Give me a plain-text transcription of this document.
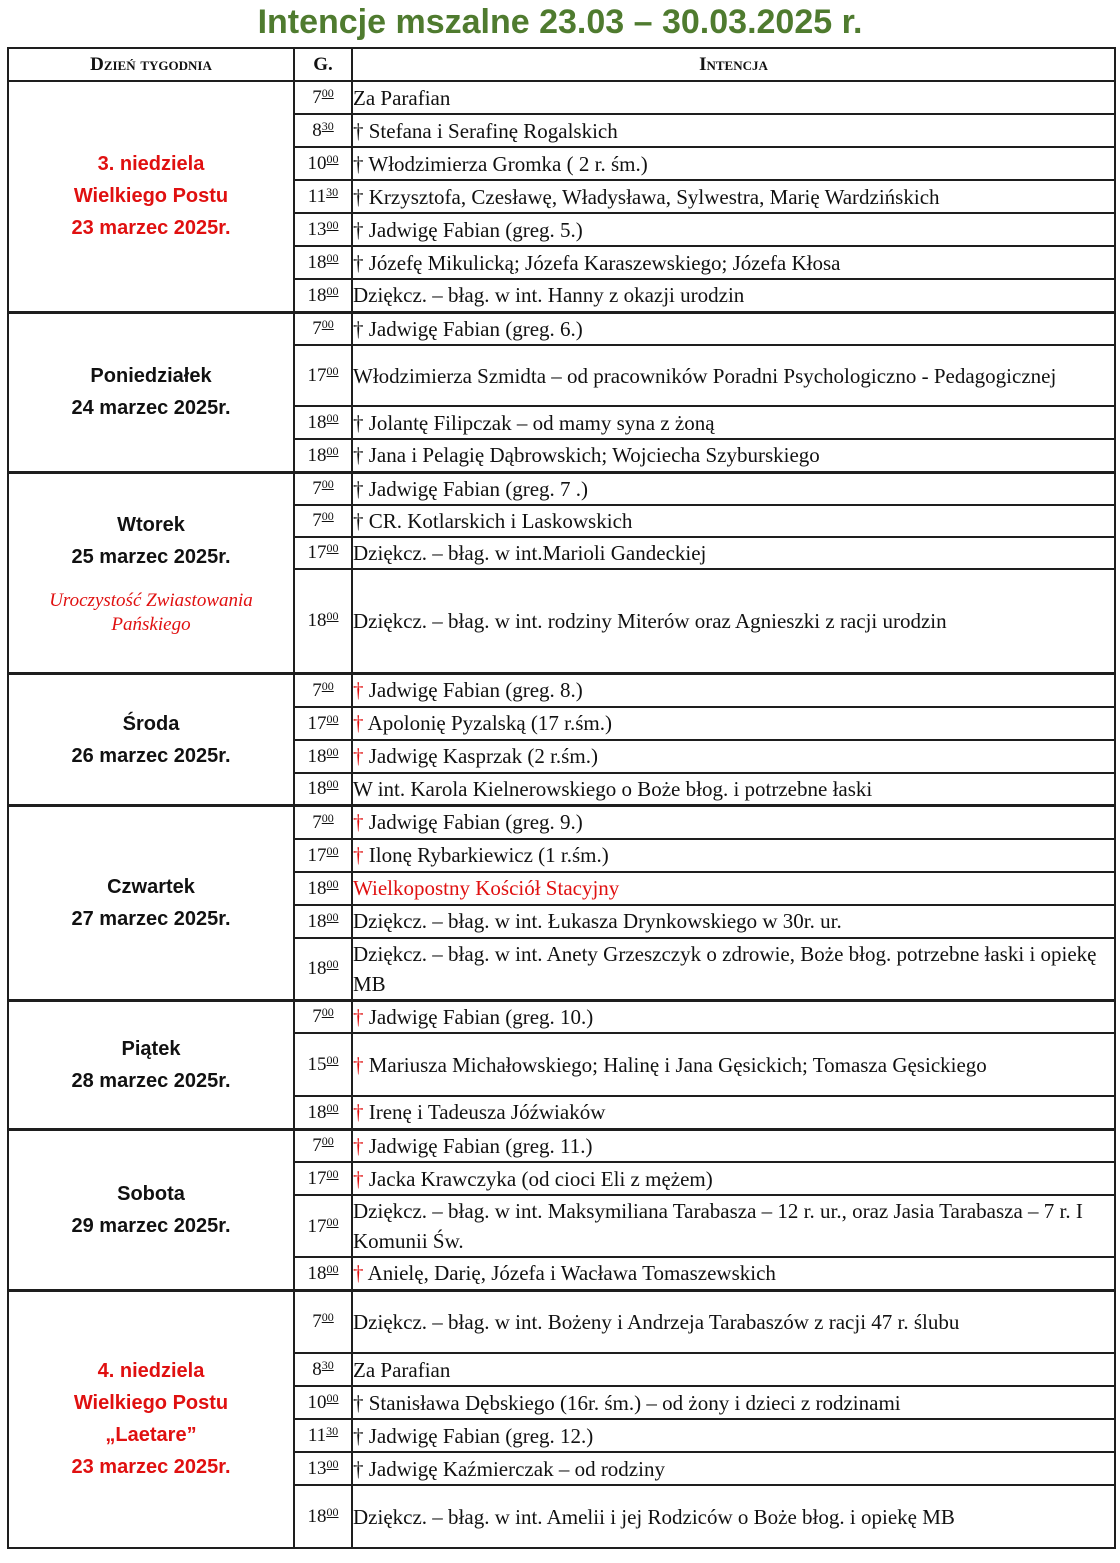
Intencje mszalne 23.03 – 30.03.2025 r.
Dzień tygodnia	G.	Intencja

3. niedziela
Wielkiego Postu
23 marzec 2025r.	$7^{00}$	Za Parafian
	$8^{30}$	† Stefana i Serafinę Rogalskich
	$10^{00}$	† Włodzimierza Gromka ( 2 r. śm.)
	$11^{30}$	† Krzysztofa, Czesławę, Władysława, Sylwestra, Marię Wardzińskich
	$13^{00}$	† Jadwigę Fabian (greg. 5.)
	$18^{00}$	† Józefę Mikulicką; Józefa Karaszewskiego; Józefa Kłosa
	$18^{00}$	Dziękcz. – błag. w int. Hanny z okazji urodzin

Poniedziałek
24 marzec 2025r.	$7^{00}$	† Jadwigę Fabian (greg. 6.)
	$17^{00}$	Włodzimierza Szmidta – od pracowników Poradni Psychologiczno - Pedagogicznej
	$18^{00}$	† Jolantę Filipczak – od mamy syna z żoną
	$18^{00}$	† Jana i Pelagię Dąbrowskich; Wojciecha Szyburskiego

Wtorek
25 marzec 2025r.
Uroczystość Zwiastowania Pańskiego	$7^{00}$	† Jadwigę Fabian (greg. 7 .)
	$7^{00}$	† CR. Kotlarskich i Laskowskich
	$17^{00}$	Dziękcz. – błag. w int.Marioli Gandeckiej
	$18^{00}$	Dziękcz. – błag. w int. rodziny Miterów oraz Agnieszki z racji urodzin

Środa
26 marzec 2025r.	$7^{00}$	† Jadwigę Fabian (greg. 8.)
	$17^{00}$	† Apolonię Pyzalską (17 r.śm.)
	$18^{00}$	† Jadwigę Kasprzak (2 r.śm.)
	$18^{00}$	W int. Karola Kielnerowskiego o Boże błog. i potrzebne łaski

Czwartek
27 marzec 2025r.	$7^{00}$	† Jadwigę Fabian (greg. 9.)
	$17^{00}$	† Ilonę Rybarkiewicz (1 r.śm.)
	$18^{00}$	Wielkopostny Kościół Stacyjny
	$18^{00}$	Dziękcz. – błag. w int. Łukasza Drynkowskiego w 30r. ur.
	$18^{00}$	Dziękcz. – błag. w int. Anety Grzeszczyk o zdrowie, Boże błog. potrzebne łaski i opiekę MB

Piątek
28 marzec 2025r.	$7^{00}$	† Jadwigę Fabian (greg. 10.)
	$15^{00}$	† Mariusza Michałowskiego; Halinę i Jana Gęsickich; Tomasza Gęsickiego
	$18^{00}$	† Irenę i Tadeusza Jóźwiaków

Sobota
29 marzec 2025r.	$7^{00}$	† Jadwigę Fabian (greg. 11.)
	$17^{00}$	† Jacka Krawczyka (od cioci Eli z mężem)
	$17^{00}$	Dziękcz. – błag. w int. Maksymiliana Tarabasza – 12 r. ur., oraz Jasia Tarabasza – 7 r. I Komunii Św.
	$18^{00}$	† Anielę, Darię, Józefa i Wacława Tomaszewskich

4. niedziela
Wielkiego Postu
„Laetare”
23 marzec 2025r.	$7^{00}$	Dziękcz. – błag. w int. Bożeny i Andrzeja Tarabaszów z racji 47 r. ślubu
	$8^{30}$	Za Parafian
	$10^{00}$	† Stanisława Dębskiego (16r. śm.) – od żony i dzieci z rodzinami
	$11^{30}$	† Jadwigę Fabian (greg. 12.)
	$13^{00}$	† Jadwigę Kaźmierczak – od rodziny
	$18^{00}$	Dziękcz. – błag. w int. Amelii i jej Rodziców o Boże błog. i opiekę MB
